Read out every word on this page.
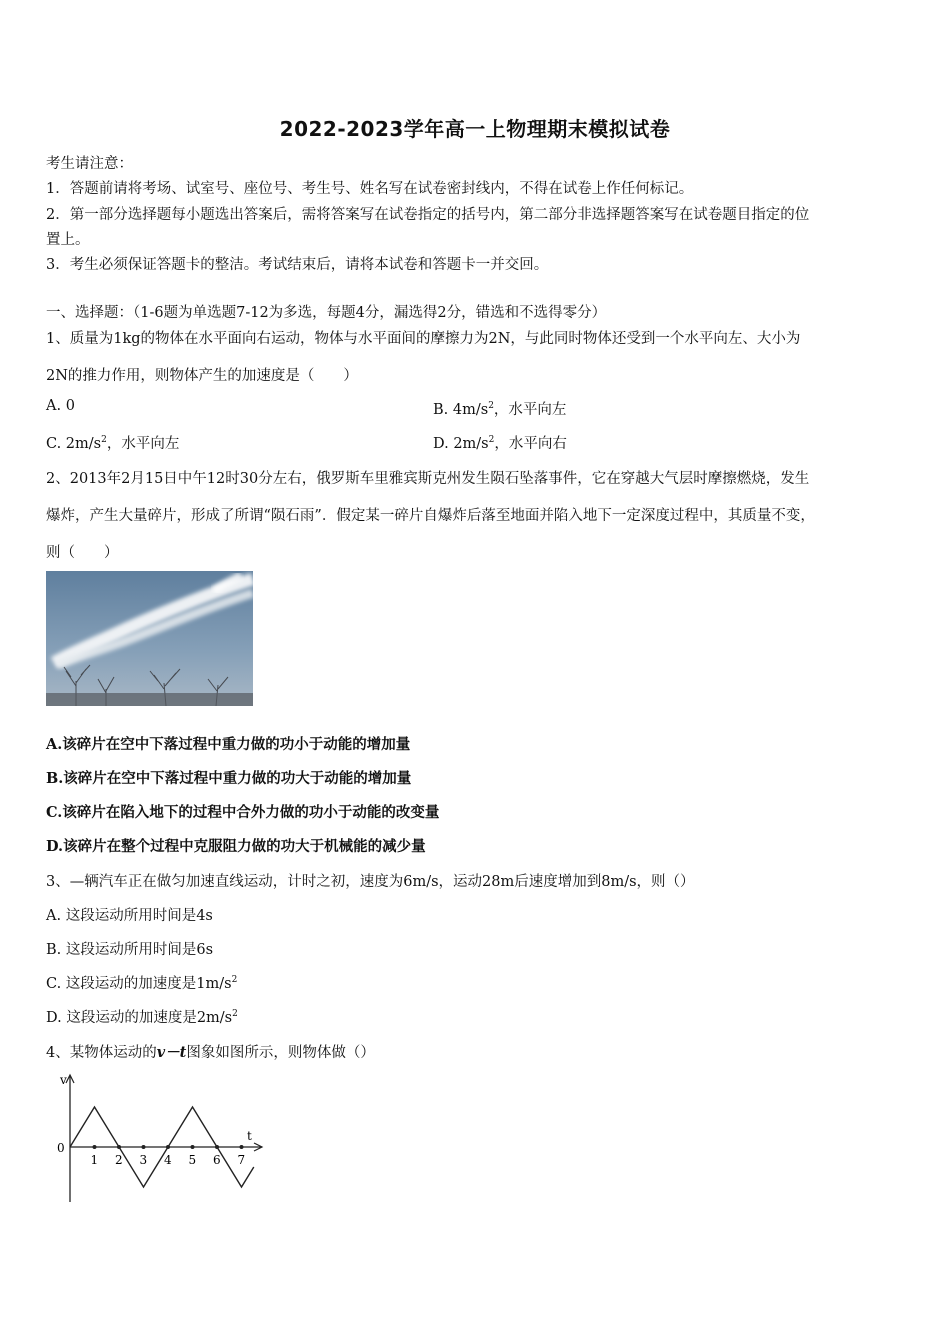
2022-2023学年高一上物理期末模拟试卷
考生请注意：
1．答题前请将考场、试室号、座位号、考生号、姓名写在试卷密封线内，不得在试卷上作任何标记。
2．第一部分选择题每小题选出答案后，需将答案写在试卷指定的括号内，第二部分非选择题答案写在试卷题目指定的位
置上。
3．考生必须保证答题卡的整洁。考试结束后，请将本试卷和答题卡一并交回。
一、选择题：（1-6题为单选题7-12为多选，每题4分，漏选得2分，错选和不选得零分）
1、质量为1kg的物体在水平面向右运动，物体与水平面间的摩擦力为2N，与此同时物体还受到一个水平向左、大小为
2N的推力作用，则物体产生的加速度是（　　）
A. 0	B. $4m/s^2$，水平向左
C. $2m/s^2$，水平向左	D. $2m/s^2$，水平向右
2、2013年2月15日中午12时30分左右，俄罗斯车里雅宾斯克州发生陨石坠落事件，它在穿越大气层时摩擦燃烧，发生
爆炸，产生大量碎片，形成了所谓“陨石雨”．假定某一碎片自爆炸后落至地面并陷入地下一定深度过程中，其质量不变，
则（　　）
A.该碎片在空中下落过程中重力做的功小于动能的增加量
B.该碎片在空中下落过程中重力做的功大于动能的增加量
C.该碎片在陷入地下的过程中合外力做的功小于动能的改变量
D.该碎片在整个过程中克服阻力做的功大于机械能的减少量
3、—辆汽车正在做匀加速直线运动，计时之初，速度为6m/s，运动28m后速度增加到8m/s，则（）
A. 这段运动所用时间是4s
B. 这段运动所用时间是6s
C. 这段运动的加速度是$1m/s^2$
D. 这段运动的加速度是$2m/s^2$
4、某物体运动的v－t图象如图所示，则物体做（）
v
t
0
1 2 3 4 5 6 7
